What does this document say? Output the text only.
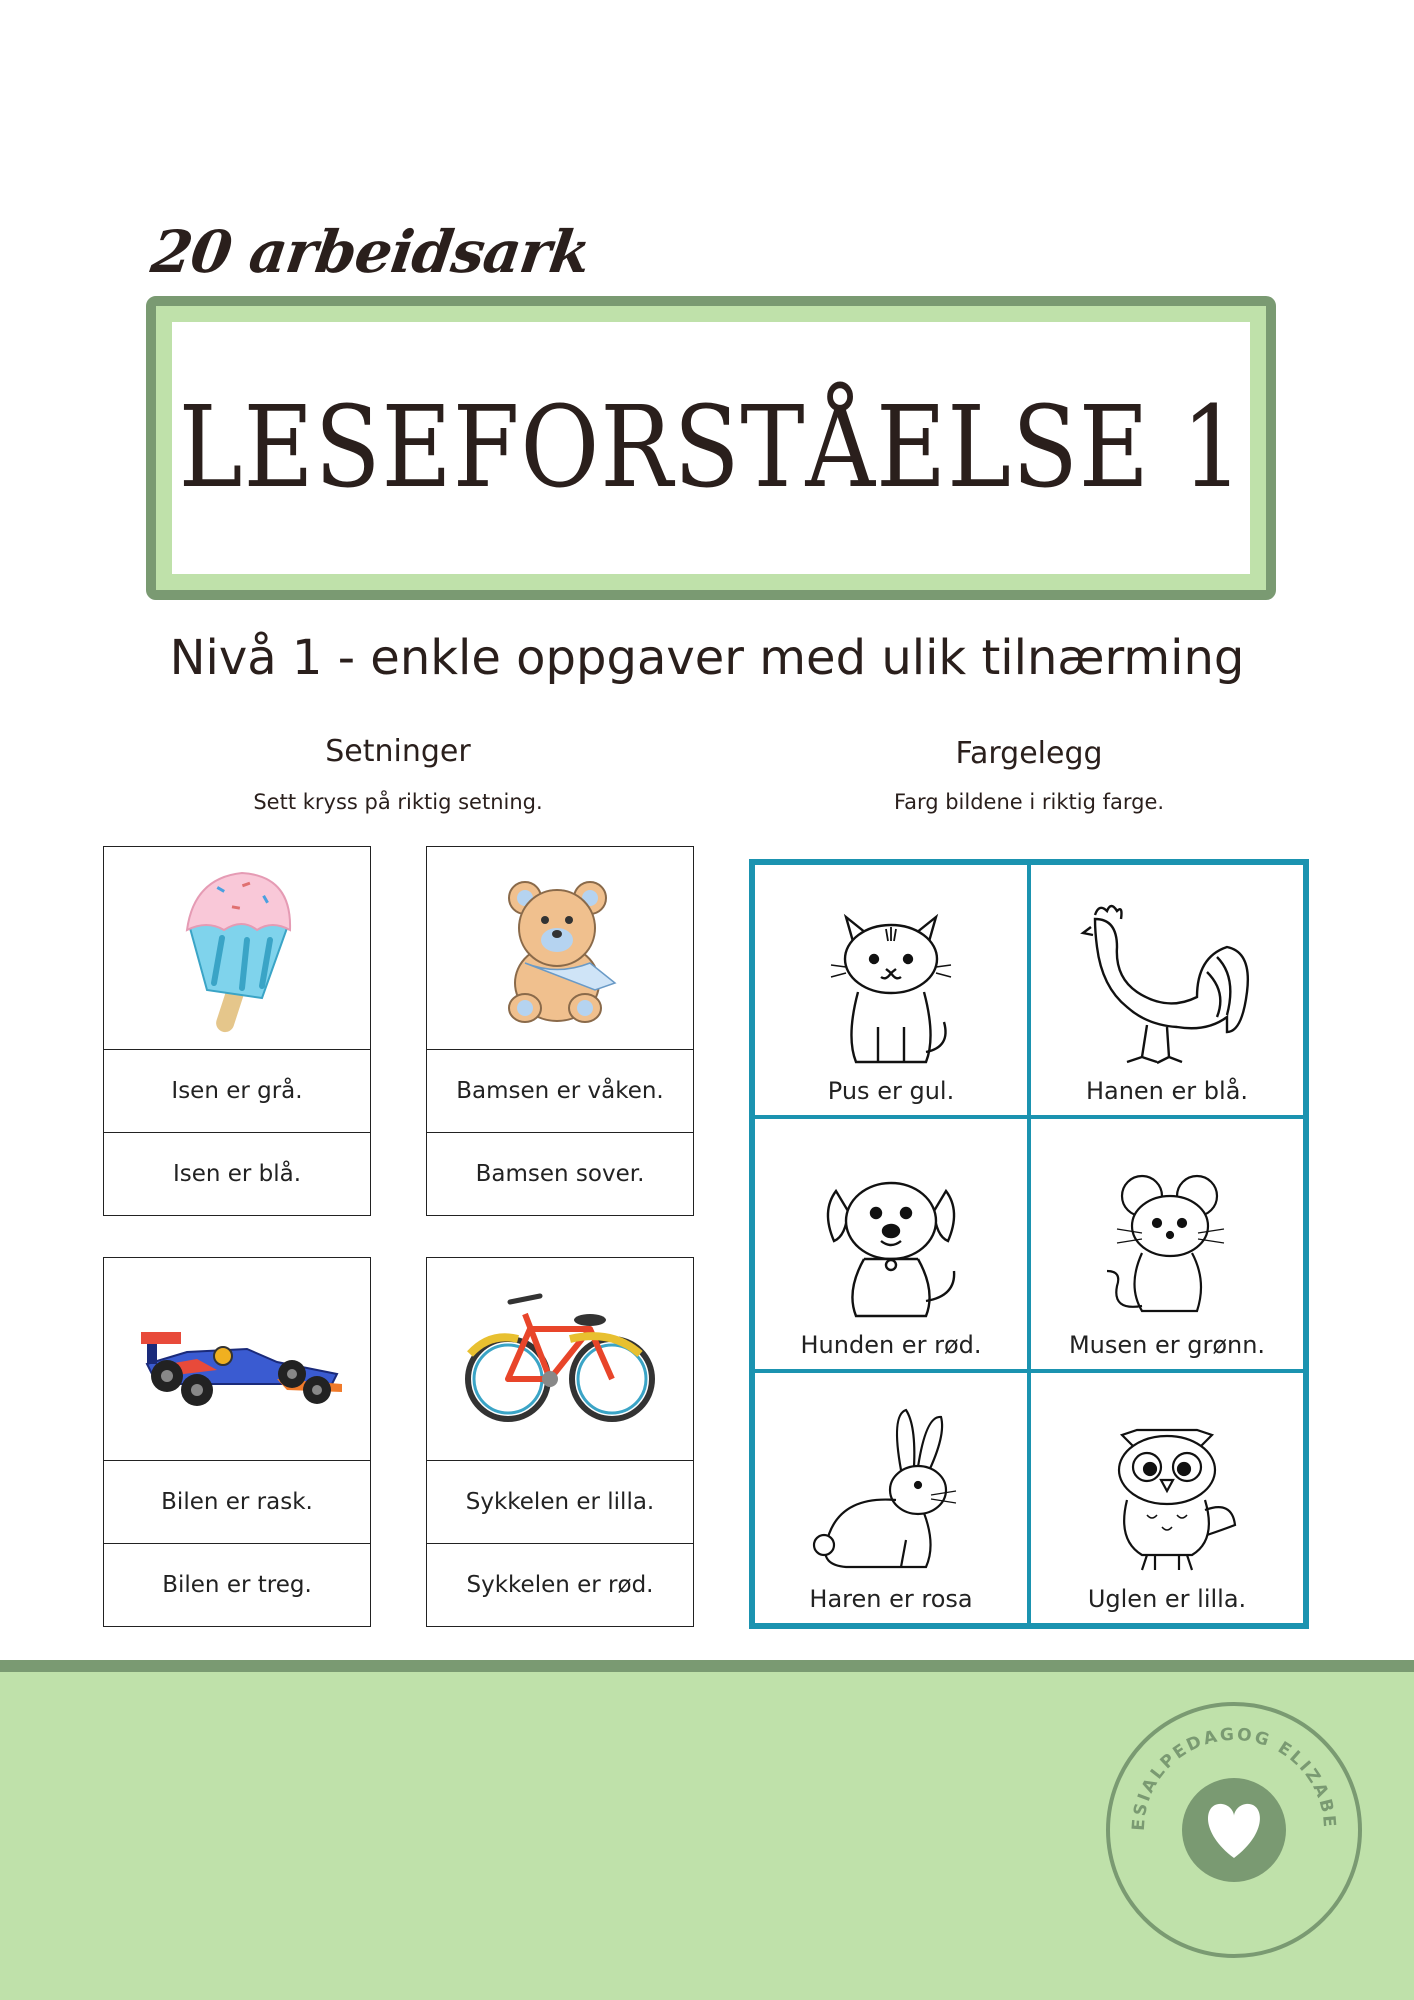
20 arbeidsark
LESEFORSTÅELSE 1
Nivå 1 - enkle oppgaver med ulik tilnærming
Setninger
Sett kryss på riktig setning.
Isen er grå.
Isen er blå.
Bamsen er våken.
Bamsen sover.
Bilen er rask.
Bilen er treg.
Sykkelen er lilla.
Sykkelen er rød.
Fargelegg
Farg bildene i riktig farge.
Pus er gul.	Hanen er blå.
Hunden er rød.	Musen er grønn.
Haren er rosa	Uglen er lilla.
ESIALPEDAGOG ELIZABE
